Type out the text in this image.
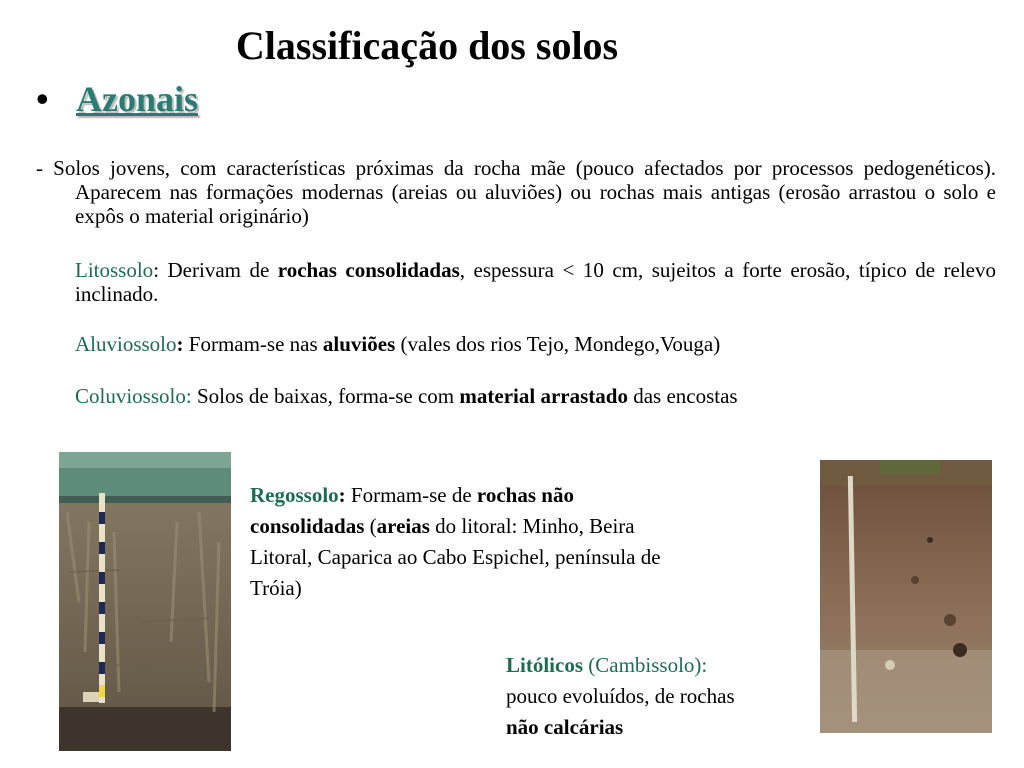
Classificação dos solos
• Azonais

- Solos jovens, com características próximas da rocha mãe (pouco afectados por processos pedogenéticos). Aparecem nas formações modernas (areias ou aluviões) ou rochas mais antigas (erosão arrastou o solo e expôs o material originário)

Litossolo: Derivam de rochas consolidadas, espessura < 10 cm, sujeitos a forte erosão, típico de relevo inclinado.

Aluviossolo: Formam-se nas aluviões (vales dos rios Tejo, Mondego,Vouga)

Coluviossolo: Solos de baixas, forma-se com material arrastado das encostas

Regossolo: Formam-se de rochas não consolidadas (areias do litoral: Minho, Beira Litoral, Caparica ao Cabo Espichel, península de Tróia)

Litólicos (Cambissolo):
pouco evoluídos, de rochas
não calcárias
